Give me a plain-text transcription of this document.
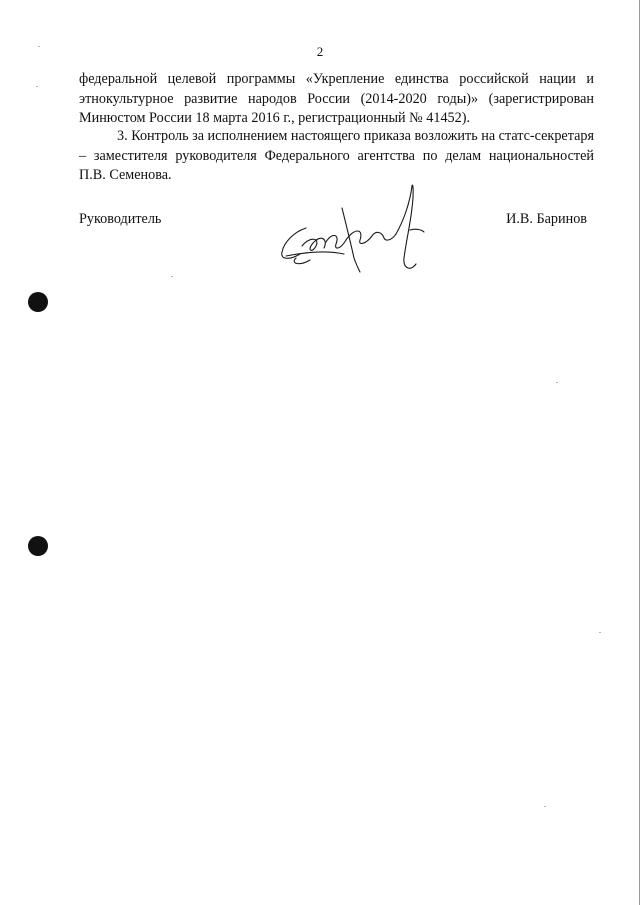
2

федеральной целевой программы «Укрепление единства российской нации и этнокультурное развитие народов России (2014-2020 годы)» (зарегистрирован Минюстом России 18 марта 2016 г., регистрационный № 41452).

3. Контроль за исполнением настоящего приказа возложить на статс-секретаря – заместителя руководителя Федерального агентства по делам национальностей П.В. Семенова.

Руководитель	И.В. Баринов
